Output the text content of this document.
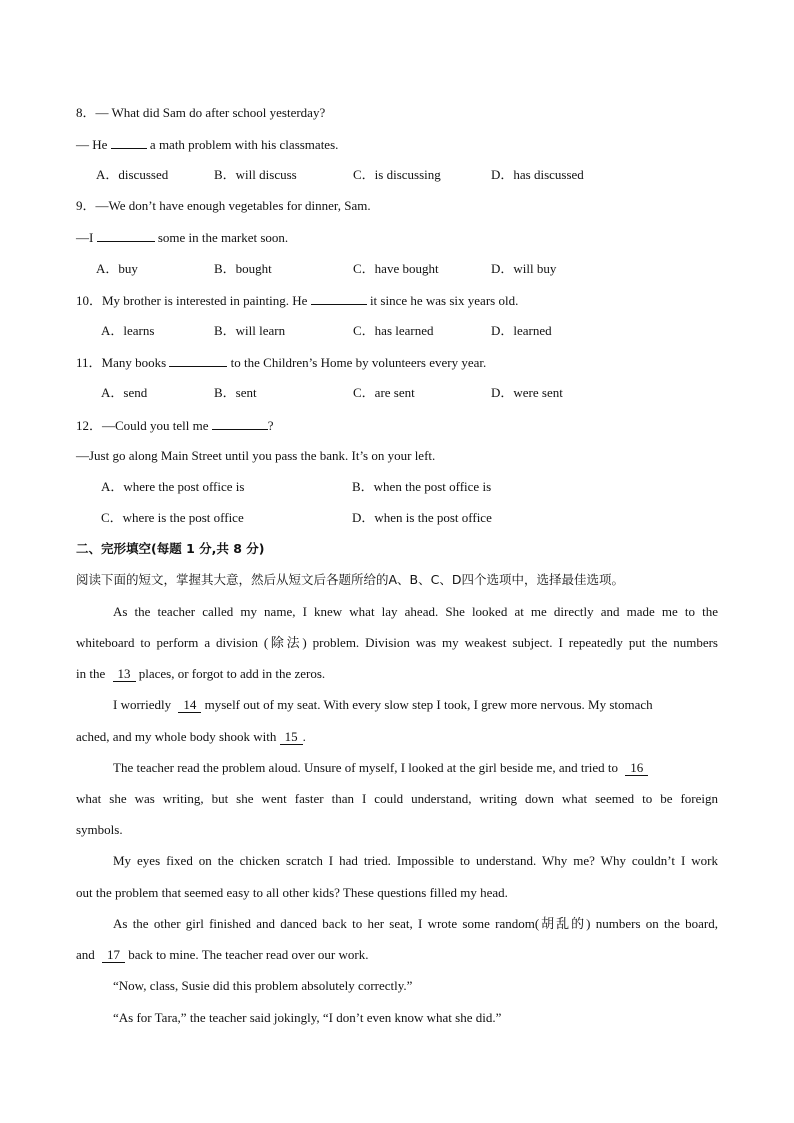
8．— What did Sam do after school yesterday?
— He	a math problem with his classmates.
A．discussed	B．will discuss	C．is discussing	D．has discussed
9．—We don’t have enough vegetables for dinner, Sam.
—I	some in the market soon.
A．buy	B．bought	C．have bought	D．will buy
10．My brother is interested in painting. He	it since he was six years old.
A．learns	B．will learn	C．has learned	D．learned
11．Many books	to the Children’s Home by volunteers every year.
A．send	B．sent	C．are sent	D．were sent
12．—Could you tell me	?
—Just go along Main Street until you pass the bank. It’s on your left.
A．where the post office is	B．when the post office is
C．where is the post office	D．when is the post office
二、完形填空(每题 1 分,共 8 分)
阅读下面的短文，掌握其大意，然后从短文后各题所给的A、B、C、D四个选项中，选择最佳选项。
As the teacher called my name, I knew what lay ahead. She looked at me directly and made me to the
whiteboard to perform a division (除法) problem. Division was my weakest subject. I repeatedly put the numbers
in the 13 places, or forgot to add in the zeros.
I worriedly 14 myself out of my seat. With every slow step I took, I grew more nervous. My stomach
ached, and my whole body shook with 15 .
The teacher read the problem aloud. Unsure of myself, I looked at the girl beside me, and tried to 16
what she was writing, but she went faster than I could understand, writing down what seemed to be foreign
symbols.
My eyes fixed on the chicken scratch I had tried. Impossible to understand. Why me? Why couldn’t I work
out the problem that seemed easy to all other kids? These questions filled my head.
As the other girl finished and danced back to her seat, I wrote some random(胡乱的) numbers on the board,
and 17 back to mine. The teacher read over our work.
“Now, class, Susie did this problem absolutely correctly.”
“As for Tara,” the teacher said jokingly, “I don’t even know what she did.”
